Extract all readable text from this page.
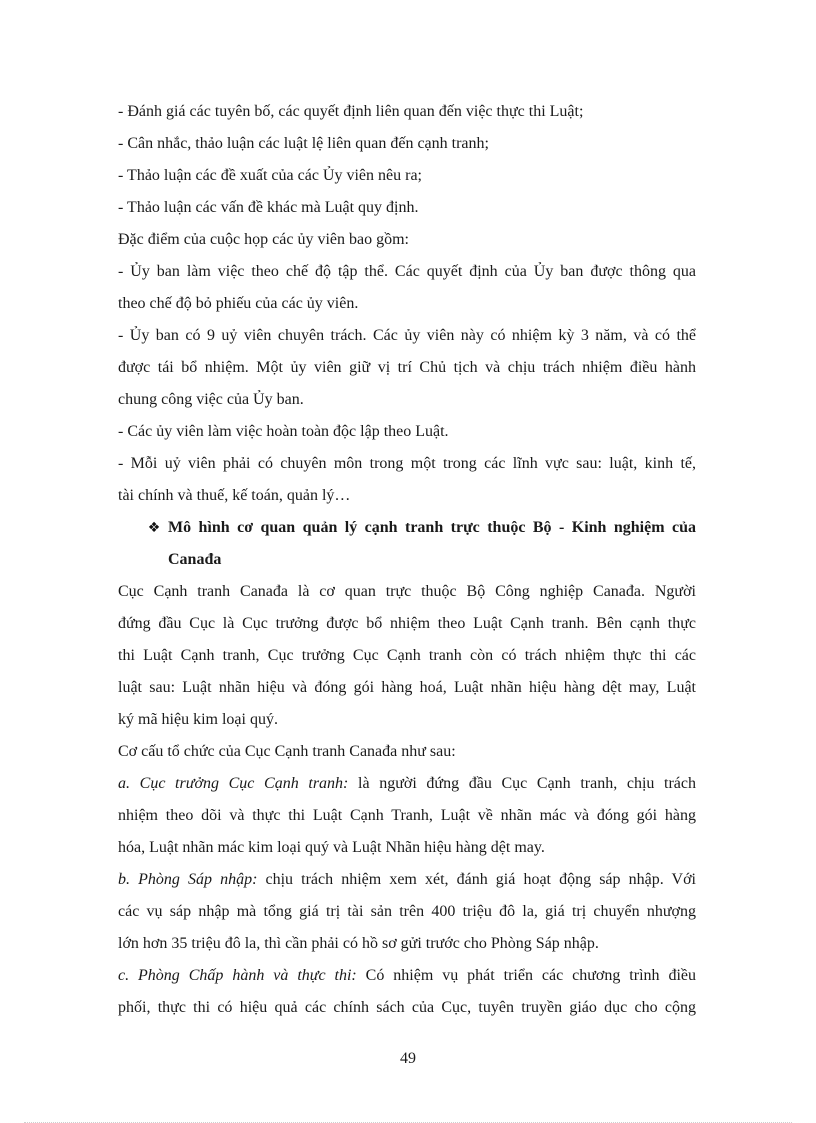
- Đánh giá các tuyên bố, các quyết định liên quan đến việc thực thi Luật;
- Cân nhắc, thảo luận các luật lệ liên quan đến cạnh tranh;
- Thảo luận các đề xuất của các Ủy viên nêu ra;
- Thảo luận các vấn đề khác mà Luật quy định.
Đặc điểm của cuộc họp các ủy viên bao gồm:
- Ủy ban làm việc theo chế độ tập thể. Các quyết định của Ủy ban được thông qua
theo chế độ bỏ phiếu của các ủy viên.
- Ủy ban có 9 uỷ viên chuyên trách. Các ủy viên này có nhiệm kỳ 3 năm, và có thể
được tái bổ nhiệm. Một ủy viên giữ vị trí Chủ tịch và chịu trách nhiệm điều hành
chung công việc của Ủy ban.
- Các ủy viên làm việc hoàn toàn độc lập theo Luật.
- Mỗi uỷ viên phải có chuyên môn trong một trong các lĩnh vực sau: luật, kinh tế,
tài chính và thuế, kế toán, quản lý…
❖ Mô hình cơ quan quản lý cạnh tranh trực thuộc Bộ - Kinh nghiệm của
Canađa
Cục Cạnh tranh Canađa là cơ quan trực thuộc Bộ Công nghiệp Canađa. Người
đứng đầu Cục là Cục trưởng được bổ nhiệm theo Luật Cạnh tranh. Bên cạnh thực
thi Luật Cạnh tranh, Cục trưởng Cục Cạnh tranh còn có trách nhiệm thực thi các
luật sau: Luật nhãn hiệu và đóng gói hàng hoá, Luật nhãn hiệu hàng dệt may, Luật
ký mã hiệu kim loại quý.
Cơ cấu tổ chức của Cục Cạnh tranh Canađa như sau:
a. Cục trưởng Cục Cạnh tranh: là người đứng đầu Cục Cạnh tranh, chịu trách
nhiệm theo dõi và thực thi Luật Cạnh Tranh, Luật về nhãn mác và đóng gói hàng
hóa, Luật nhãn mác kim loại quý và Luật Nhãn hiệu hàng dệt may.
b. Phòng Sáp nhập: chịu trách nhiệm xem xét, đánh giá hoạt động sáp nhập. Với
các vụ sáp nhập mà tổng giá trị tài sản trên 400 triệu đô la, giá trị chuyển nhượng
lớn hơn 35 triệu đô la, thì cần phải có hồ sơ gửi trước cho Phòng Sáp nhập.
c. Phòng Chấp hành và thực thi: Có nhiệm vụ phát triển các chương trình điều
phối, thực thi có hiệu quả các chính sách của Cục, tuyên truyền giáo dục cho cộng
49
